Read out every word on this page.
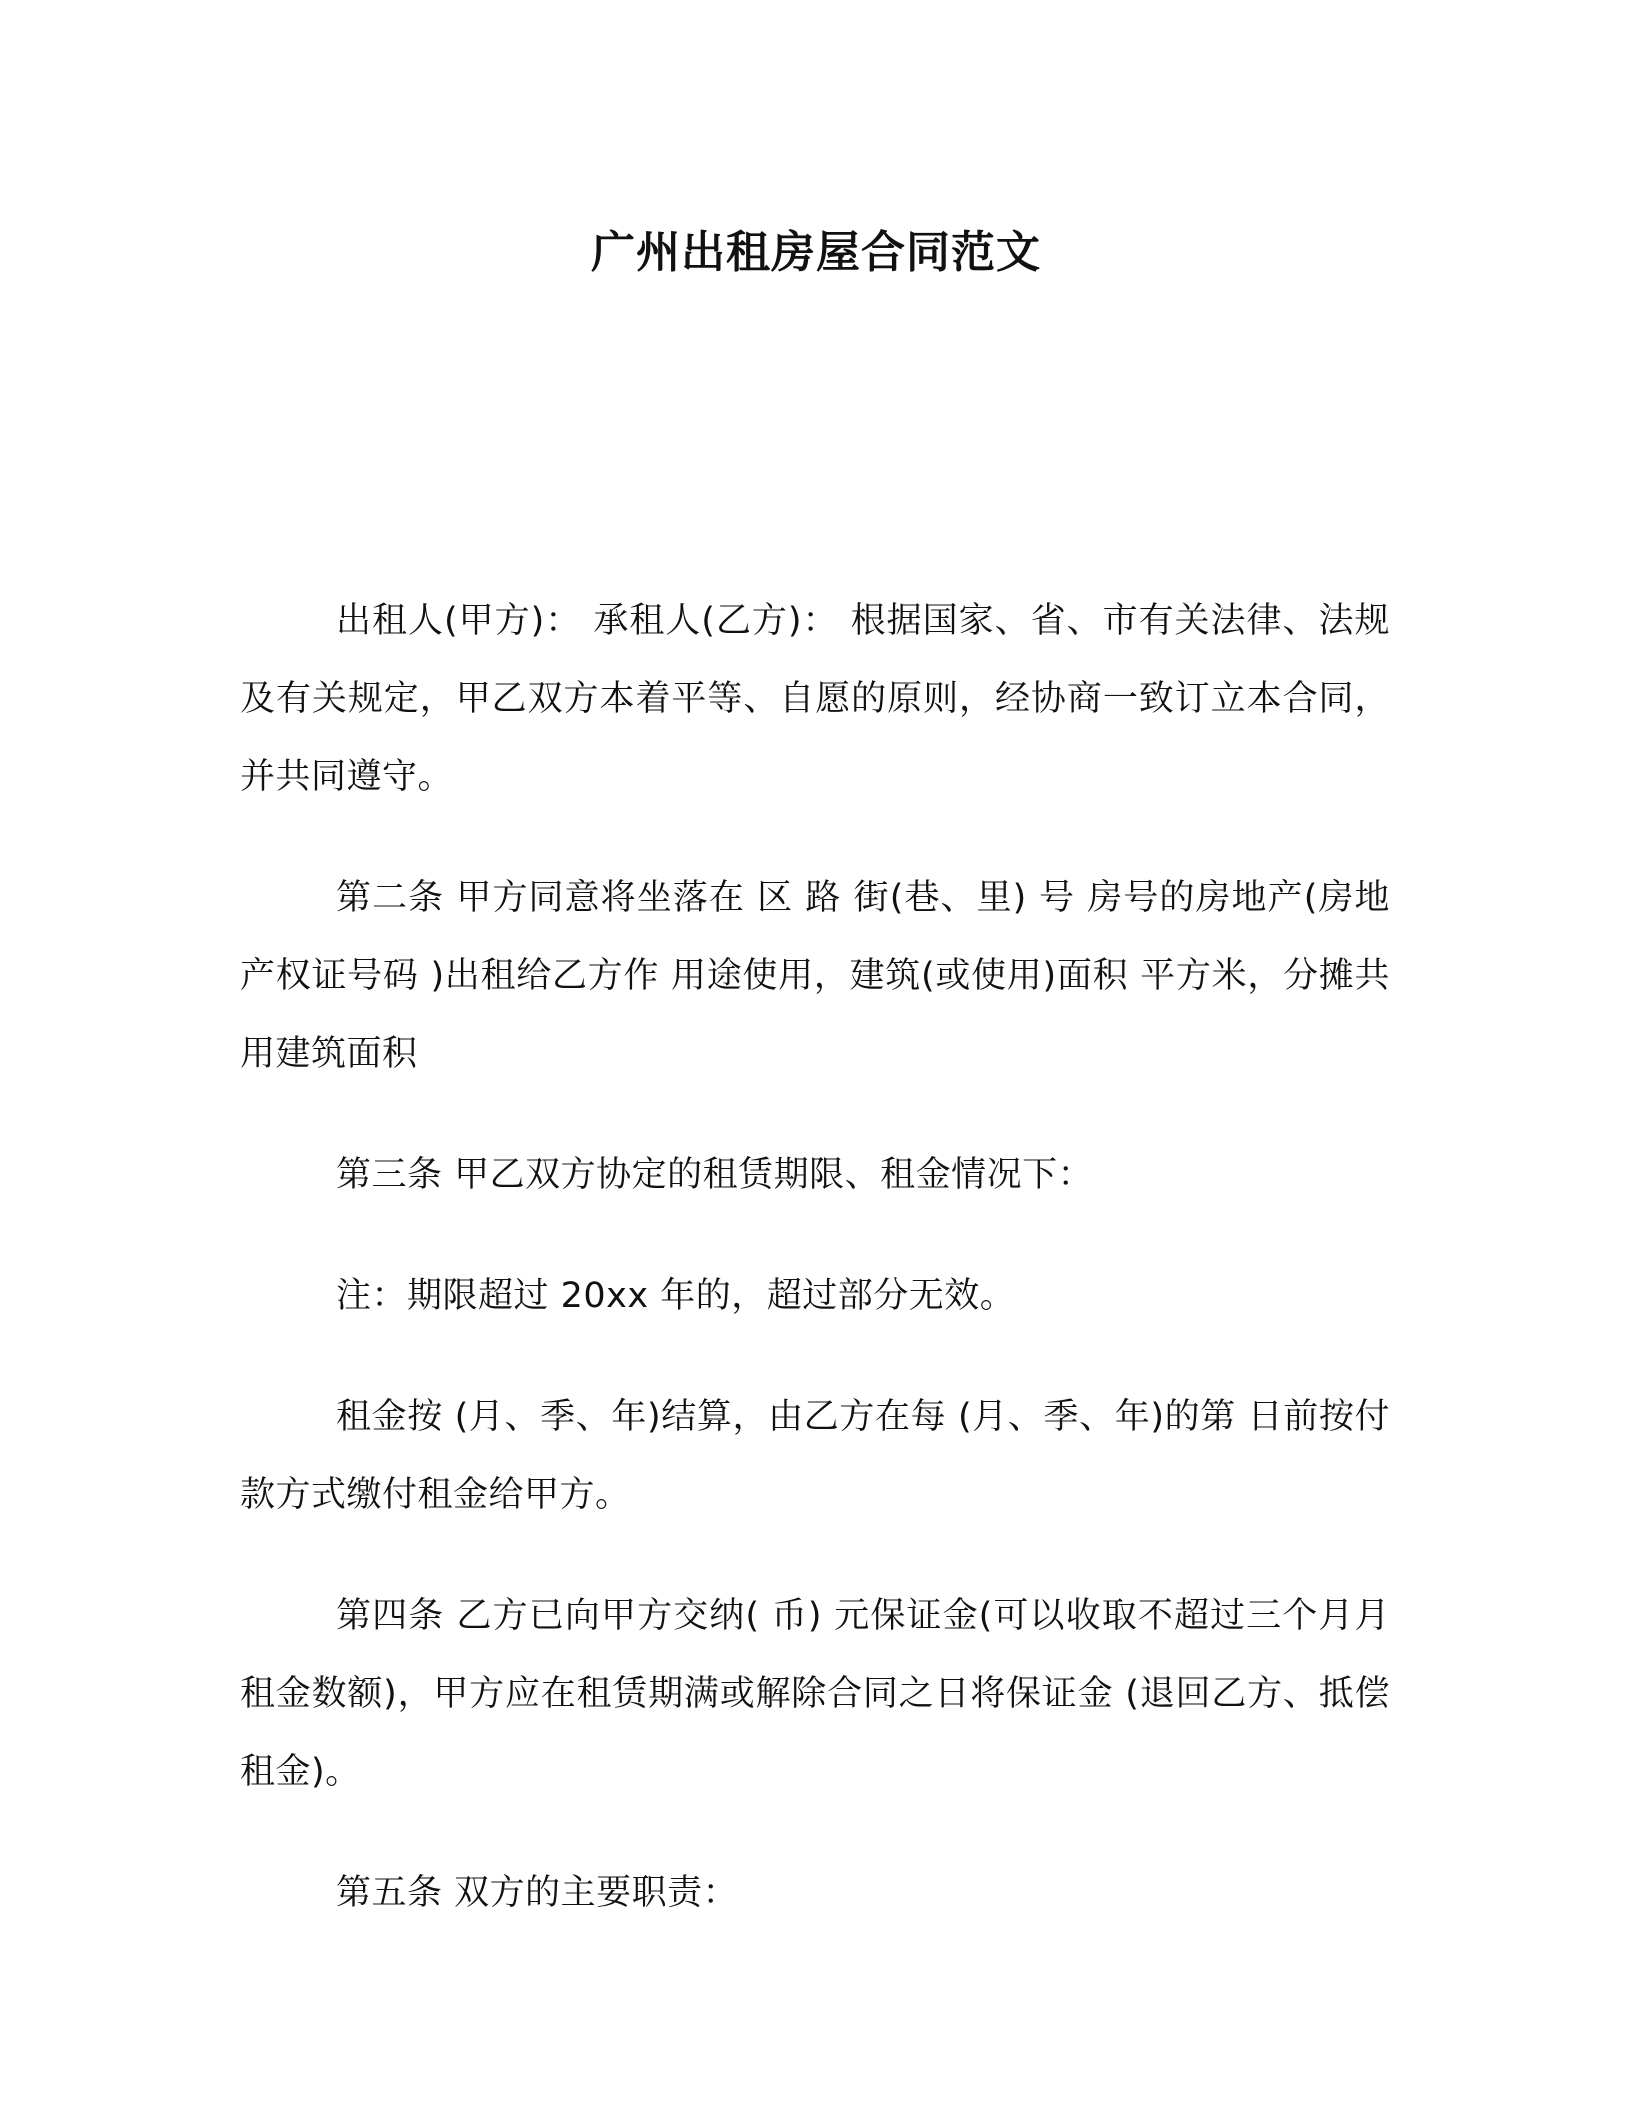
广州出租房屋合同范文

出租人(甲方)： 承租人(乙方)： 根据国家、省、市有关法律、法规及有关规定，甲乙双方本着平等、自愿的原则，经协商一致订立本合同，并共同遵守。

第二条 甲方同意将坐落在 区 路 街(巷、里) 号 房号的房地产(房地产权证号码 )出租给乙方作 用途使用，建筑(或使用)面积 平方米，分摊共用建筑面积

第三条 甲乙双方协定的租赁期限、租金情况下：

注：期限超过 20xx 年的，超过部分无效。

租金按 (月、季、年)结算，由乙方在每 (月、季、年)的第 日前按付款方式缴付租金给甲方。

第四条 乙方已向甲方交纳( 币) 元保证金(可以收取不超过三个月月租金数额)，甲方应在租赁期满或解除合同之日将保证金 (退回乙方、抵偿租金)。

第五条 双方的主要职责：
